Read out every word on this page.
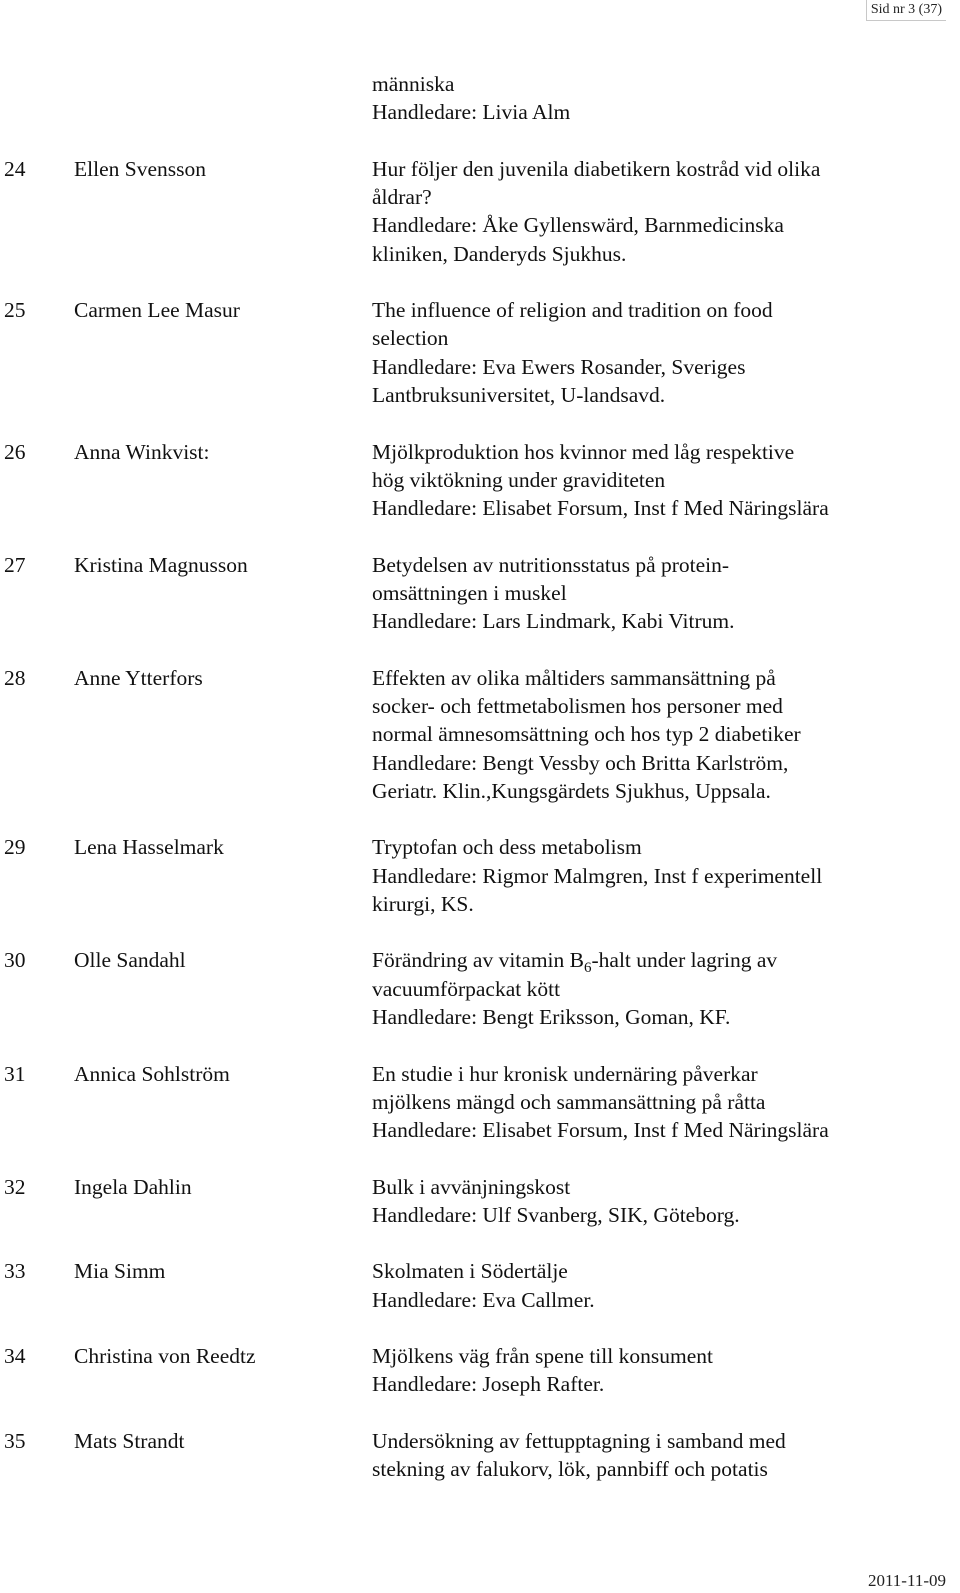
Sid nr 3 (37)
människa
Handledare: Livia Alm
24 Ellen Svensson	Hur följer den juvenila diabetikern kostråd vid olika
åldrar?
Handledare: Åke Gyllenswärd, Barnmedicinska
kliniken, Danderyds Sjukhus.
25 Carmen Lee Masur	The influence of religion and tradition on food
selection
Handledare: Eva Ewers Rosander, Sveriges
Lantbruksuniversitet, U-landsavd.
26 Anna Winkvist:	Mjölkproduktion hos kvinnor med låg respektive
hög viktökning under graviditeten
Handledare: Elisabet Forsum, Inst f Med Näringslära
27 Kristina Magnusson	Betydelsen av nutritionsstatus på protein-
omsättningen i muskel
Handledare: Lars Lindmark, Kabi Vitrum.
28 Anne Ytterfors	Effekten av olika måltiders sammansättning på
socker- och fettmetabolismen hos personer med
normal ämnesomsättning och hos typ 2 diabetiker
Handledare: Bengt Vessby och Britta Karlström,
Geriatr. Klin.,Kungsgärdets Sjukhus, Uppsala.
29 Lena Hasselmark	Tryptofan och dess metabolism
Handledare: Rigmor Malmgren, Inst f experimentell
kirurgi, KS.
30 Olle Sandahl	Förändring av vitamin $B_6$-halt under lagring av
vacuumförpackat kött
Handledare: Bengt Eriksson, Goman, KF.
31 Annica Sohlström	En studie i hur kronisk undernäring påverkar
mjölkens mängd och sammansättning på råtta
Handledare: Elisabet Forsum, Inst f Med Näringslära
32 Ingela Dahlin	Bulk i avvänjningskost
Handledare: Ulf Svanberg, SIK, Göteborg.
33 Mia Simm	Skolmaten i Södertälje
Handledare: Eva Callmer.
34 Christina von Reedtz	Mjölkens väg från spene till konsument
Handledare: Joseph Rafter.
35 Mats Strandt	Undersökning av fettupptagning i samband med
stekning av falukorv, lök, pannbiff och potatis
2011-11-09
